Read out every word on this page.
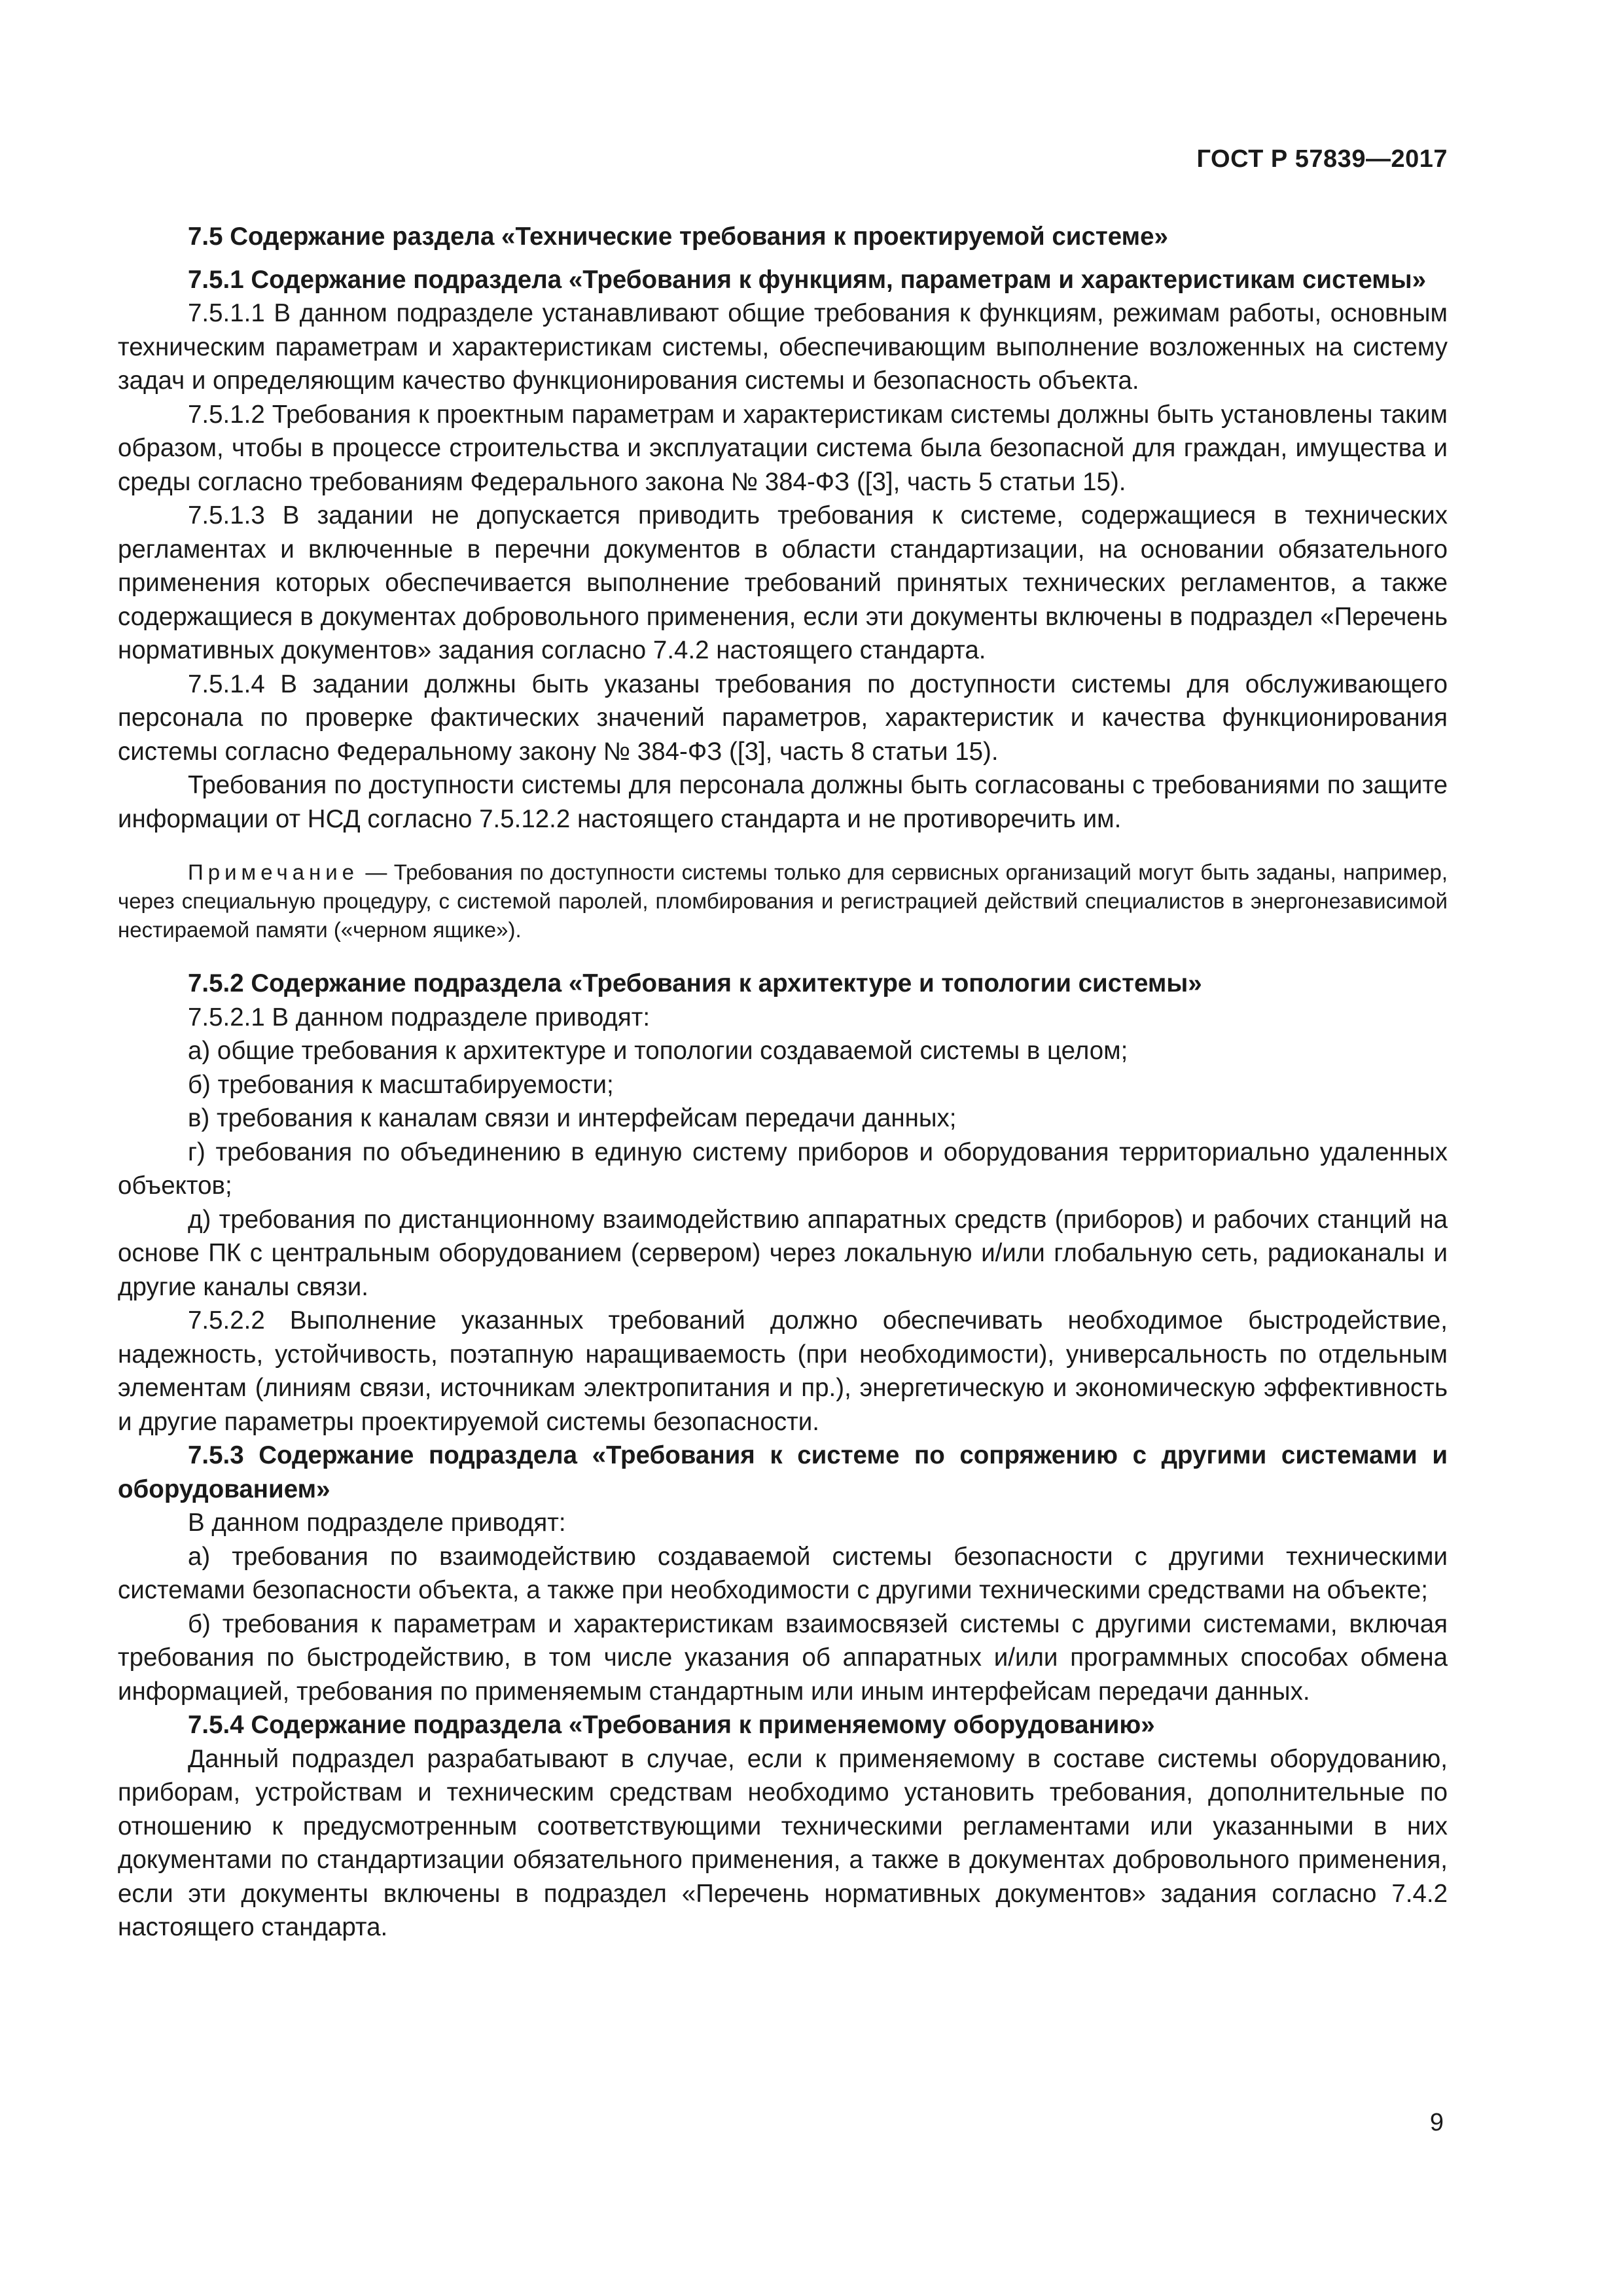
ГОСТ Р 57839—2017

7.5 Содержание раздела «Технические требования к проектируемой системе»

7.5.1 Содержание подраздела «Требования к функциям, параметрам и характеристикам системы»

7.5.1.1 В данном подразделе устанавливают общие требования к функциям, режимам работы, основным техническим параметрам и характеристикам системы, обеспечивающим выполнение возложенных на систему задач и определяющим качество функционирования системы и безопасность объекта.

7.5.1.2 Требования к проектным параметрам и характеристикам системы должны быть установлены таким образом, чтобы в процессе строительства и эксплуатации система была безопасной для граждан, имущества и среды согласно требованиям Федерального закона № 384-ФЗ ([3], часть 5 статьи 15).

7.5.1.3 В задании не допускается приводить требования к системе, содержащиеся в технических регламентах и включенные в перечни документов в области стандартизации, на основании обязательного применения которых обеспечивается выполнение требований принятых технических регламентов, а также содержащиеся в документах добровольного применения, если эти документы включены в подраздел «Перечень нормативных документов» задания согласно 7.4.2 настоящего стандарта.

7.5.1.4 В задании должны быть указаны требования по доступности системы для обслуживающего персонала по проверке фактических значений параметров, характеристик и качества функционирования системы согласно Федеральному закону № 384-ФЗ ([3], часть 8 статьи 15).

Требования по доступности системы для персонала должны быть согласованы с требованиями по защите информации от НСД согласно 7.5.12.2 настоящего стандарта и не противоречить им.

Примечание — Требования по доступности системы только для сервисных организаций могут быть заданы, например, через специальную процедуру, с системой паролей, пломбирования и регистрацией действий специалистов в энергонезависимой нестираемой памяти («черном ящике»).

7.5.2 Содержание подраздела «Требования к архитектуре и топологии системы»

7.5.2.1 В данном подразделе приводят:

а) общие требования к архитектуре и топологии создаваемой системы в целом;

б) требования к масштабируемости;

в) требования к каналам связи и интерфейсам передачи данных;

г) требования по объединению в единую систему приборов и оборудования территориально удаленных объектов;

д) требования по дистанционному взаимодействию аппаратных средств (приборов) и рабочих станций на основе ПК с центральным оборудованием (сервером) через локальную и/или глобальную сеть, радиоканалы и другие каналы связи.

7.5.2.2 Выполнение указанных требований должно обеспечивать необходимое быстродействие, надежность, устойчивость, поэтапную наращиваемость (при необходимости), универсальность по отдельным элементам (линиям связи, источникам электропитания и пр.), энергетическую и экономическую эффективность и другие параметры проектируемой системы безопасности.

7.5.3 Содержание подраздела «Требования к системе по сопряжению с другими системами и оборудованием»

В данном подразделе приводят:

а) требования по взаимодействию создаваемой системы безопасности с другими техническими системами безопасности объекта, а также при необходимости с другими техническими средствами на объекте;

б) требования к параметрам и характеристикам взаимосвязей системы с другими системами, включая требования по быстродействию, в том числе указания об аппаратных и/или программных способах обмена информацией, требования по применяемым стандартным или иным интерфейсам передачи данных.

7.5.4 Содержание подраздела «Требования к применяемому оборудованию»

Данный подраздел разрабатывают в случае, если к применяемому в составе системы оборудованию, приборам, устройствам и техническим средствам необходимо установить требования, дополнительные по отношению к предусмотренным соответствующими техническими регламентами или указанными в них документами по стандартизации обязательного применения, а также в документах добровольного применения, если эти документы включены в подраздел «Перечень нормативных документов» задания согласно 7.4.2 настоящего стандарта.

9
